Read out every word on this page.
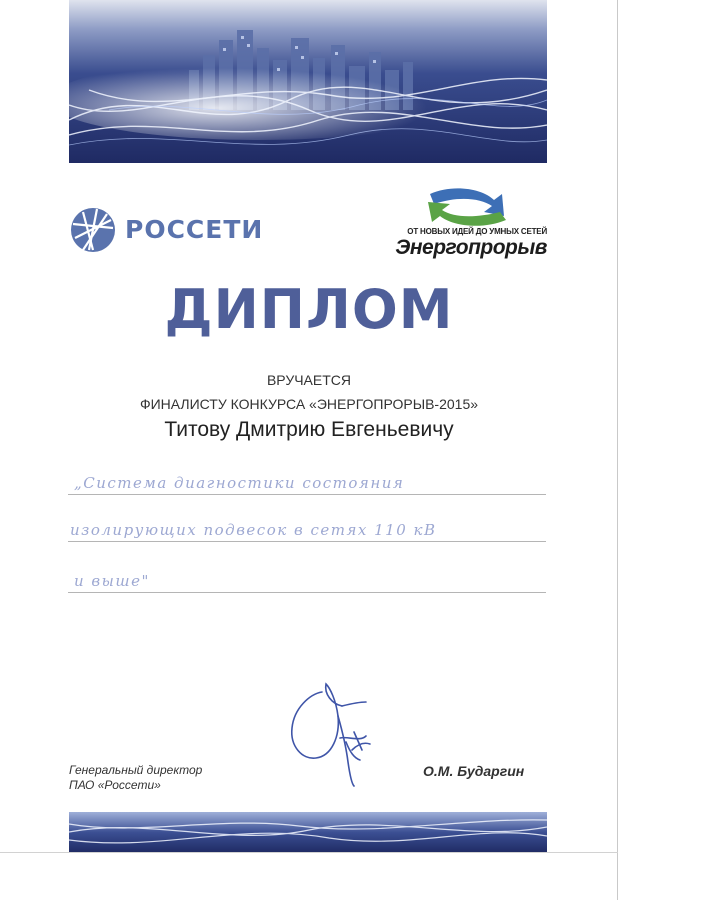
РОССЕТИ	ОТ НОВЫХ ИДЕЙ ДО УМНЫХ СЕТЕЙ
Энергопрорыв
ДИПЛОМ
ВРУЧАЕТСЯ
ФИНАЛИСТУ КОНКУРСА «ЭНЕРГОПРОРЫВ-2015»
Титову Дмитрию Евгеньевичу
„Система диагностики состояния
изолирующих подвесок в сетях 110 кВ
и выше"
Генеральный директор
ПАО «Россети»
О.М. Бударгин
